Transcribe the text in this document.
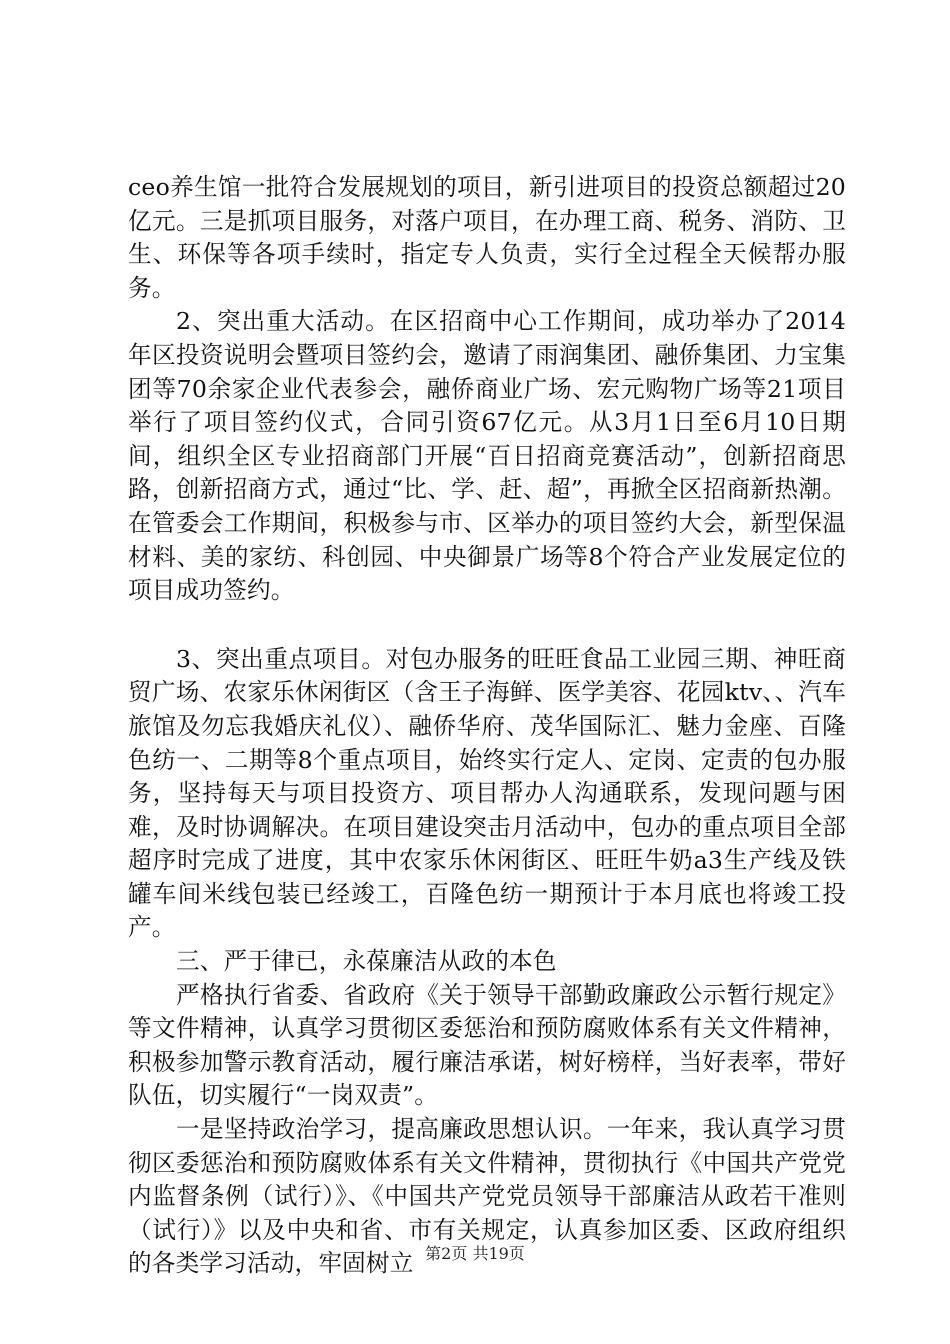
ceo养生馆一批符合发展规划的项目，新引进项目的投资总额超过20亿元。三是抓项目服务，对落户项目，在办理工商、税务、消防、卫生、环保等各项手续时，指定专人负责，实行全过程全天候帮办服务。

2、突出重大活动。在区招商中心工作期间，成功举办了2014年区投资说明会暨项目签约会，邀请了雨润集团、融侨集团、力宝集团等70余家企业代表参会，融侨商业广场、宏元购物广场等21项目举行了项目签约仪式，合同引资67亿元。从3月1日至6月10日期间，组织全区专业招商部门开展“百日招商竞赛活动”，创新招商思路，创新招商方式，通过“比、学、赶、超”，再掀全区招商新热潮。在管委会工作期间，积极参与市、区举办的项目签约大会，新型保温材料、美的家纺、科创园、中央御景广场等8个符合产业发展定位的项目成功签约。

3、突出重点项目。对包办服务的旺旺食品工业园三期、神旺商贸广场、农家乐休闲街区（含王子海鲜、医学美容、花园ktv、、汽车旅馆及勿忘我婚庆礼仪）、融侨华府、茂华国际汇、魅力金座、百隆色纺一、二期等8个重点项目，始终实行定人、定岗、定责的包办服务，坚持每天与项目投资方、项目帮办人沟通联系，发现问题与困难，及时协调解决。在项目建设突击月活动中，包办的重点项目全部超序时完成了进度，其中农家乐休闲街区、旺旺牛奶a3生产线及铁罐车间米线包装已经竣工，百隆色纺一期预计于本月底也将竣工投产。

三、严于律已，永葆廉洁从政的本色

严格执行省委、省政府《关于领导干部勤政廉政公示暂行规定》等文件精神，认真学习贯彻区委惩治和预防腐败体系有关文件精神，积极参加警示教育活动，履行廉洁承诺，树好榜样，当好表率，带好队伍，切实履行“一岗双责”。

一是坚持政治学习，提高廉政思想认识。一年来，我认真学习贯彻区委惩治和预防腐败体系有关文件精神，贯彻执行《中国共产党党内监督条例（试行）》、《中国共产党党员领导干部廉洁从政若干准则（试行）》以及中央和省、市有关规定，认真参加区委、区政府组织的各类学习活动，牢固树立 第2页 共19页
